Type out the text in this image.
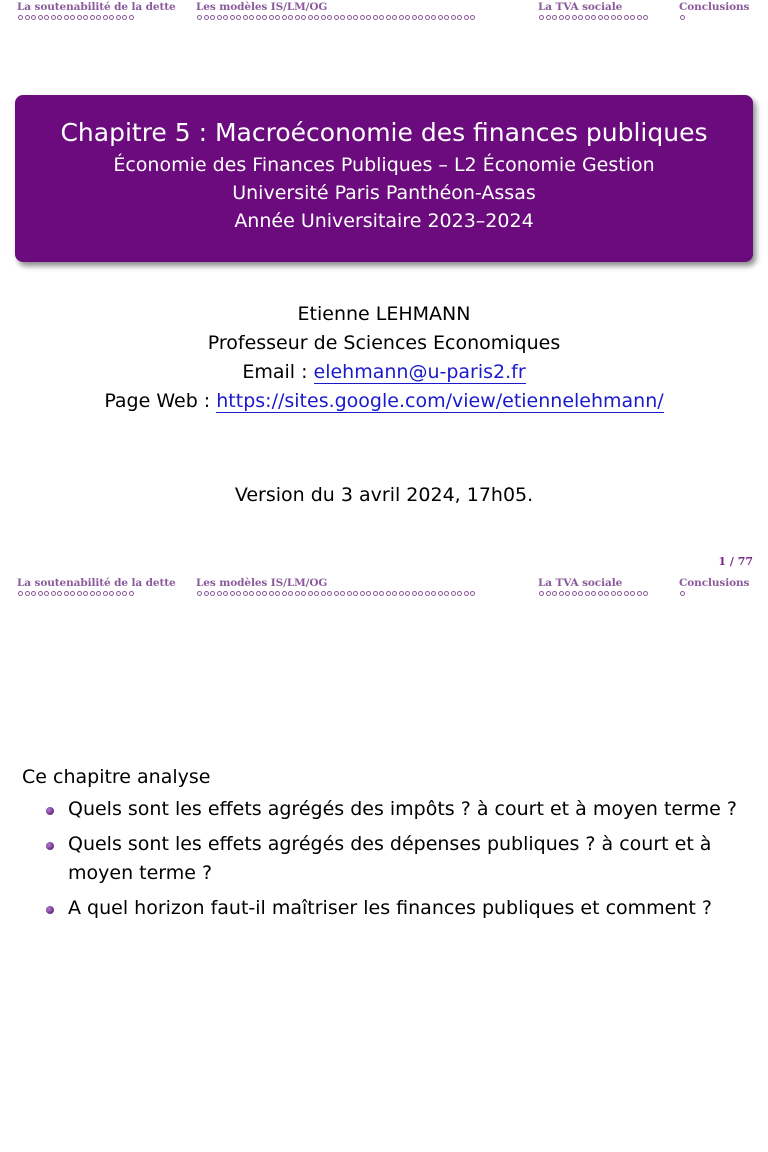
La soutenabilité de la dette Les modèles IS/LM/OG	La TVA sociale	Conclusions
Chapitre 5 : Macroéconomie des finances publiques
Économie des Finances Publiques – L2 Économie Gestion
Université Paris Panthéon-Assas
Année Universitaire 2023–2024
Etienne LEHMANN
Professeur de Sciences Economiques
Email : elehmann@u-paris2.fr
Page Web : https://sites.google.com/view/etiennelehmann/
Version du 3 avril 2024, 17h05.
1 / 77
La soutenabilité de la dette Les modèles IS/LM/OG	La TVA sociale	Conclusions
Ce chapitre analyse
Quels sont les effets agrégés des impôts ? à court et à moyen terme ?
Quels sont les effets agrégés des dépenses publiques ? à court et à moyen terme ?
A quel horizon faut-il maîtriser les finances publiques et comment ?
